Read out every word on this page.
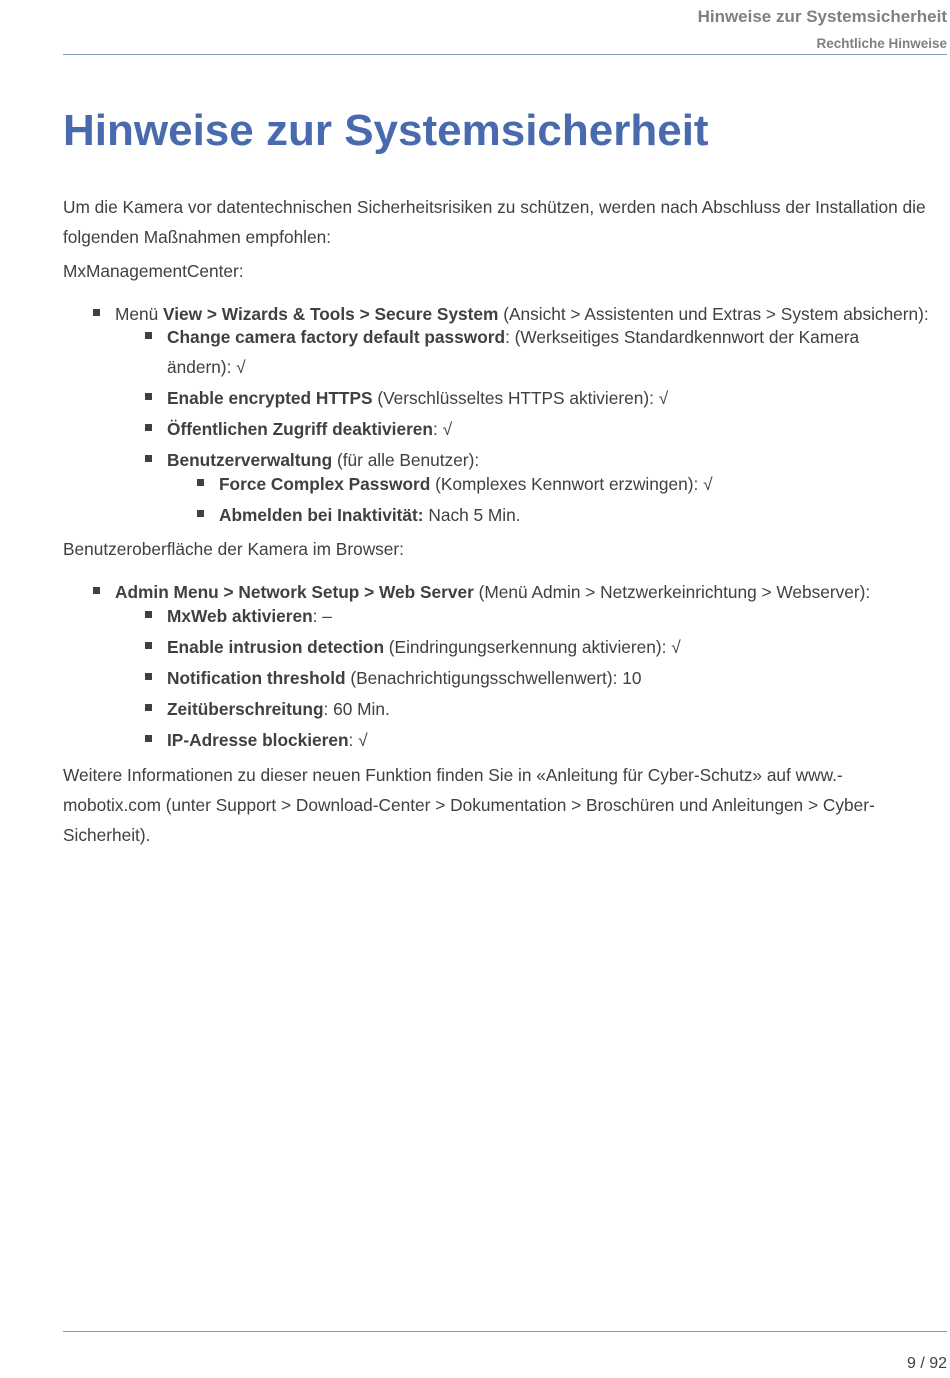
Hinweise zur Systemsicherheit
Rechtliche Hinweise
Hinweise zur Systemsicherheit

Um die Kamera vor datentechnischen Sicherheitsrisiken zu schützen, werden nach Abschluss der Installation die folgenden Maßnahmen empfohlen:

MxManagementCenter:

Menü View > Wizards & Tools > Secure System (Ansicht > Assistenten und Extras > System absichern):
Change camera factory default password: (Werkseitiges Standardkennwort der Kamera ändern): √
Enable encrypted HTTPS (Verschlüsseltes HTTPS aktivieren): √
Öffentlichen Zugriff deaktivieren: √
Benutzerverwaltung (für alle Benutzer):
Force Complex Password (Komplexes Kennwort erzwingen): √
Abmelden bei Inaktivität: Nach 5 Min.

Benutzeroberfläche der Kamera im Browser:

Admin Menu > Network Setup > Web Server (Menü Admin > Netzwerkeinrichtung > Webserver):
MxWeb aktivieren: –
Enable intrusion detection (Eindringungserkennung aktivieren): √
Notification threshold (Benachrichtigungsschwellenwert): 10
Zeitüberschreitung: 60 Min.
IP-Adresse blockieren: √

Weitere Informationen zu dieser neuen Funktion finden Sie in «Anleitung für Cyber-Schutz» auf www.-mobotix.com (unter Support > Download-Center > Dokumentation > Broschüren und Anleitungen > Cyber-Sicherheit).

9 / 92
